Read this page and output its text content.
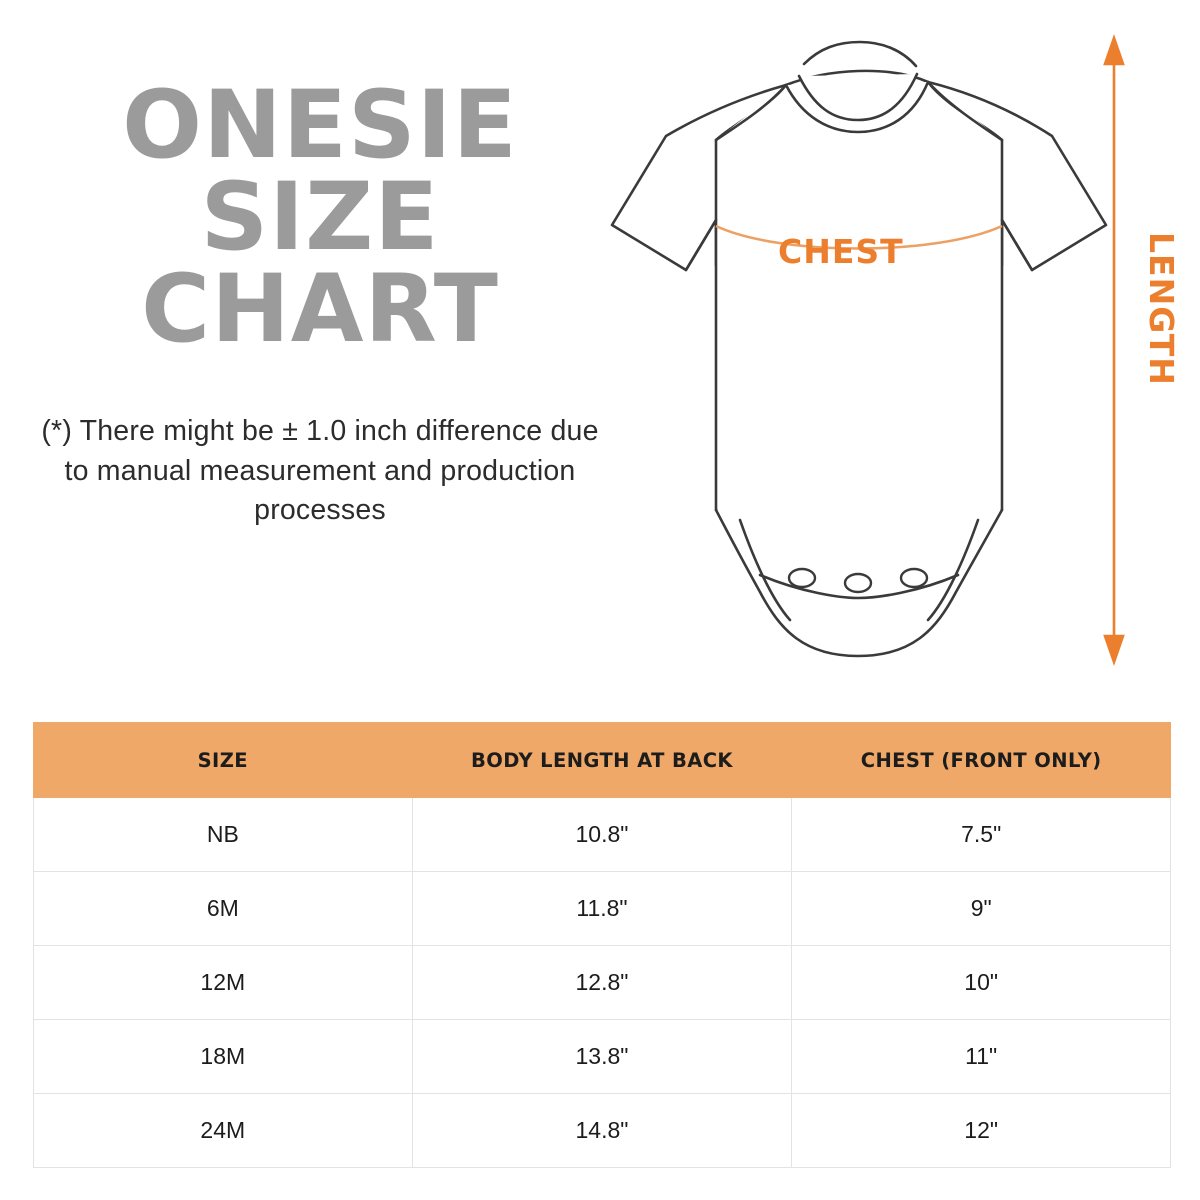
ONESIE
SIZE
CHART
(*) There might be ± 1.0 inch difference due to manual measurement and production processes
CHEST	LENGTH
SIZE	BODY LENGTH AT BACK	CHEST (FRONT ONLY)
NB	10.8"	7.5"
6M	11.8"	9"
12M	12.8"	10"
18M	13.8"	11"
24M	14.8"	12"
